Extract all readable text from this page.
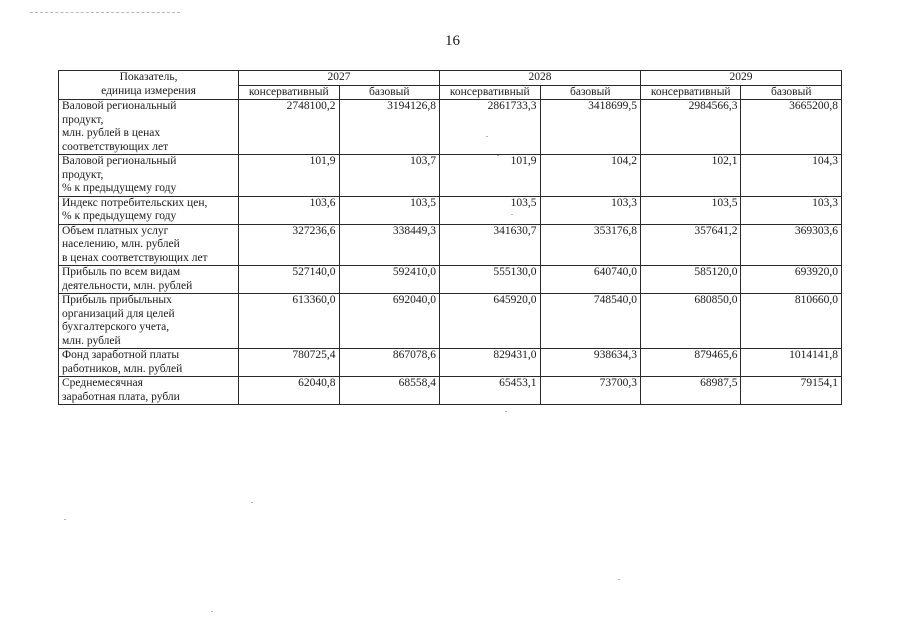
16
Показатель,
единица измерения	2027		2028		2029	
	консервативный	базовый	консервативный	базовый	консервативный	базовый
Валовой региональный
продукт,
млн. рублей в ценах
соответствующих лет	2748100,2	3194126,8	2861733,3	3418699,5	2984566,3	3665200,8
Валовой региональный
продукт,
% к предыдущему году	101,9	103,7	101,9	104,2	102,1	104,3
Индекс потребительских цен,
% к предыдущему году	103,6	103,5	103,5	103,3	103,5	103,3
Объем платных услуг
населению, млн. рублей
в ценах соответствующих лет	327236,6	338449,3	341630,7	353176,8	357641,2	369303,6
Прибыль по всем видам
деятельности, млн. рублей	527140,0	592410,0	555130,0	640740,0	585120,0	693920,0
Прибыль прибыльных
организаций для целей
бухгалтерского учета,
млн. рублей	613360,0	692040,0	645920,0	748540,0	680850,0	810660,0
Фонд заработной платы
работников, млн. рублей	780725,4	867078,6	829431,0	938634,3	879465,6	1014141,8
Среднемесячная
заработная плата, рубли	62040,8	68558,4	65453,1	73700,3	68987,5	79154,1
